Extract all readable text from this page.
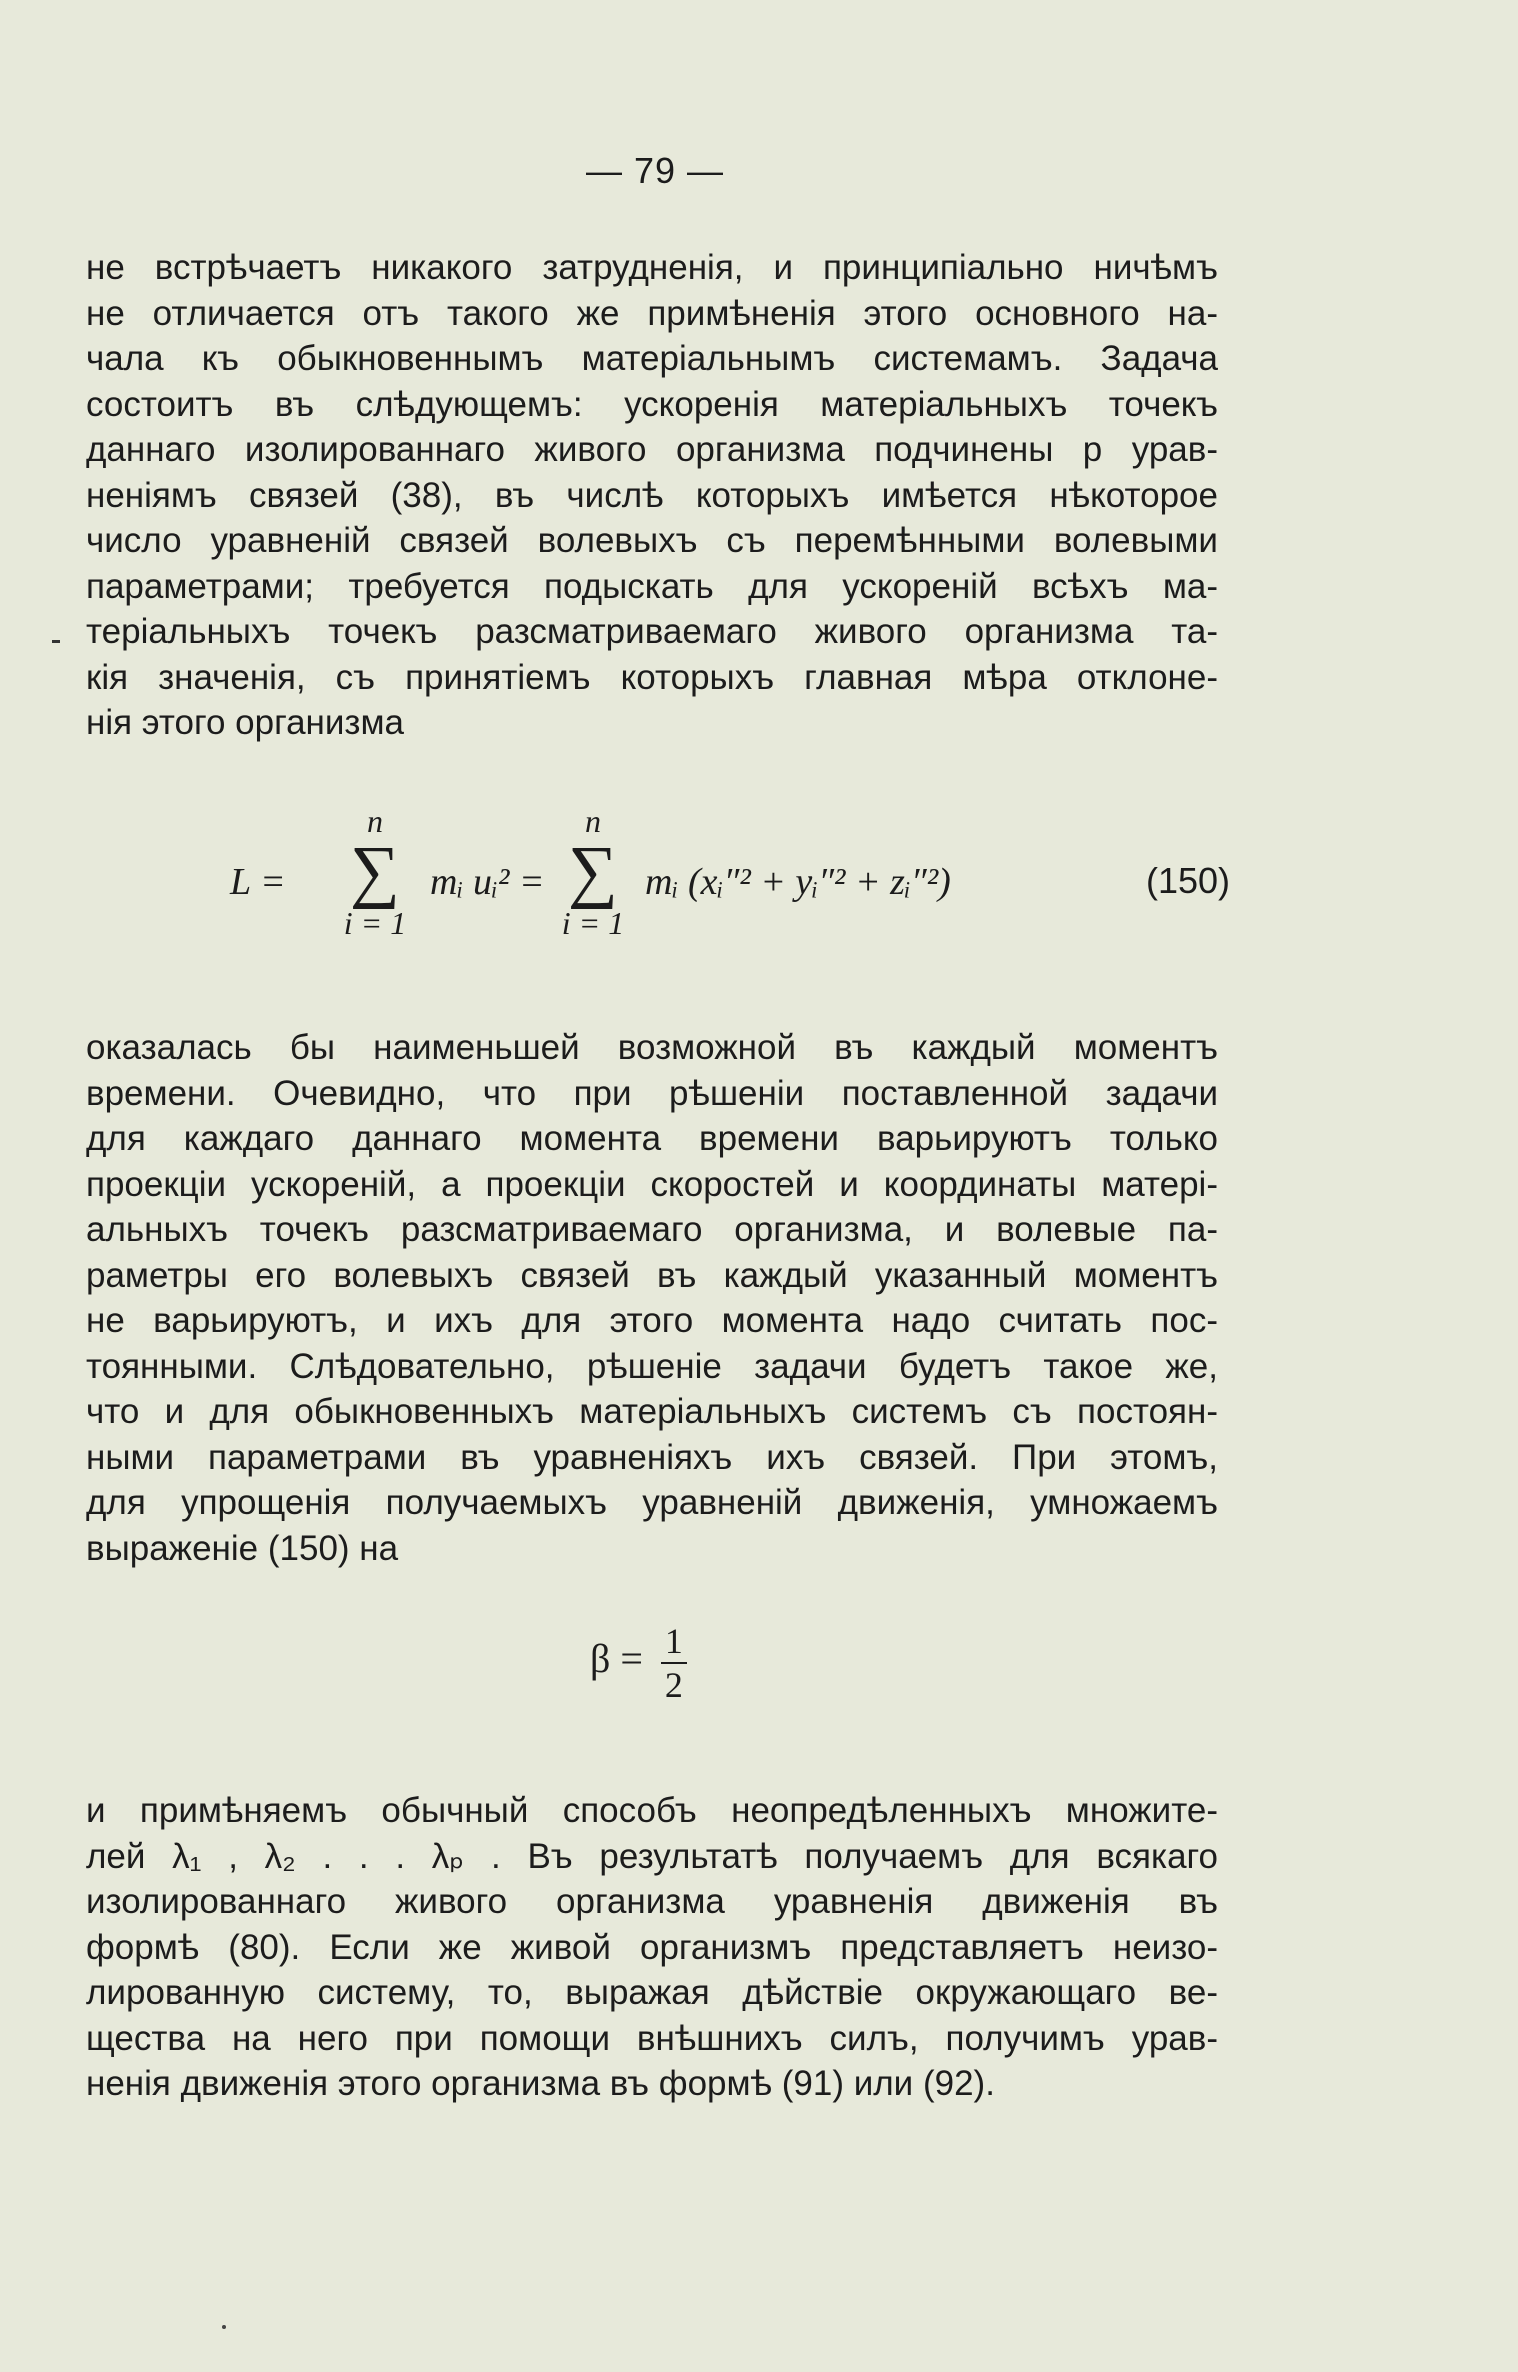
— 79 —
не встрѣчаетъ никакого затрудненія, и принципіально ничѣмъ
не отличается отъ такого же примѣненія этого основного на-
чала къ обыкновеннымъ матеріальнымъ системамъ. Задача
состоитъ въ слѣдующемъ: ускоренія матеріальныхъ точекъ
даннаго изолированнаго живого организма подчинены p урав-
неніямъ связей (38), въ числѣ которыхъ имѣется нѣкоторое
число уравненій связей волевыхъ съ перемѣнными волевыми
параметрами; требуется подыскать для ускореній всѣхъ ма-
теріальныхъ точекъ разсматриваемаго живого организма та-
кія значенія, съ принятіемъ которыхъ главная мѣра отклоне-
нія этого организма
L =
n
∑
i = 1
mᵢ uᵢ² =
n
∑
i = 1
mᵢ (xᵢ″² + yᵢ″² + zᵢ″²)	(150)
оказалась бы наименьшей возможной въ каждый моментъ
времени. Очевидно, что при рѣшеніи поставленной задачи
для каждаго даннаго момента времени варьируютъ только
проекціи ускореній, а проекціи скоростей и координаты матері-
альныхъ точекъ разсматриваемаго организма, и волевые па-
раметры его волевыхъ связей въ каждый указанный моментъ
не варьируютъ, и ихъ для этого момента надо считать пос-
тоянными. Слѣдовательно, рѣшеніе задачи будетъ такое же,
что и для обыкновенныхъ матеріальныхъ системъ съ постоян-
ными параметрами въ уравненіяхъ ихъ связей. При этомъ,
для упрощенія получаемыхъ уравненій движенія, умножаемъ
выраженіе (150) на
$\beta = \frac{1}{2}$
и примѣняемъ обычный способъ неопредѣленныхъ множите-
лей λ₁ , λ₂ . . . λₚ . Въ результатѣ получаемъ для всякаго
изолированнаго живого организма уравненія движенія въ
формѣ (80). Если же живой организмъ представляетъ неизо-
лированную систему, то, выражая дѣйствіе окружающаго ве-
щества на него при помощи внѣшнихъ силъ, получимъ урав-
ненія движенія этого организма въ формѣ (91) или (92).
